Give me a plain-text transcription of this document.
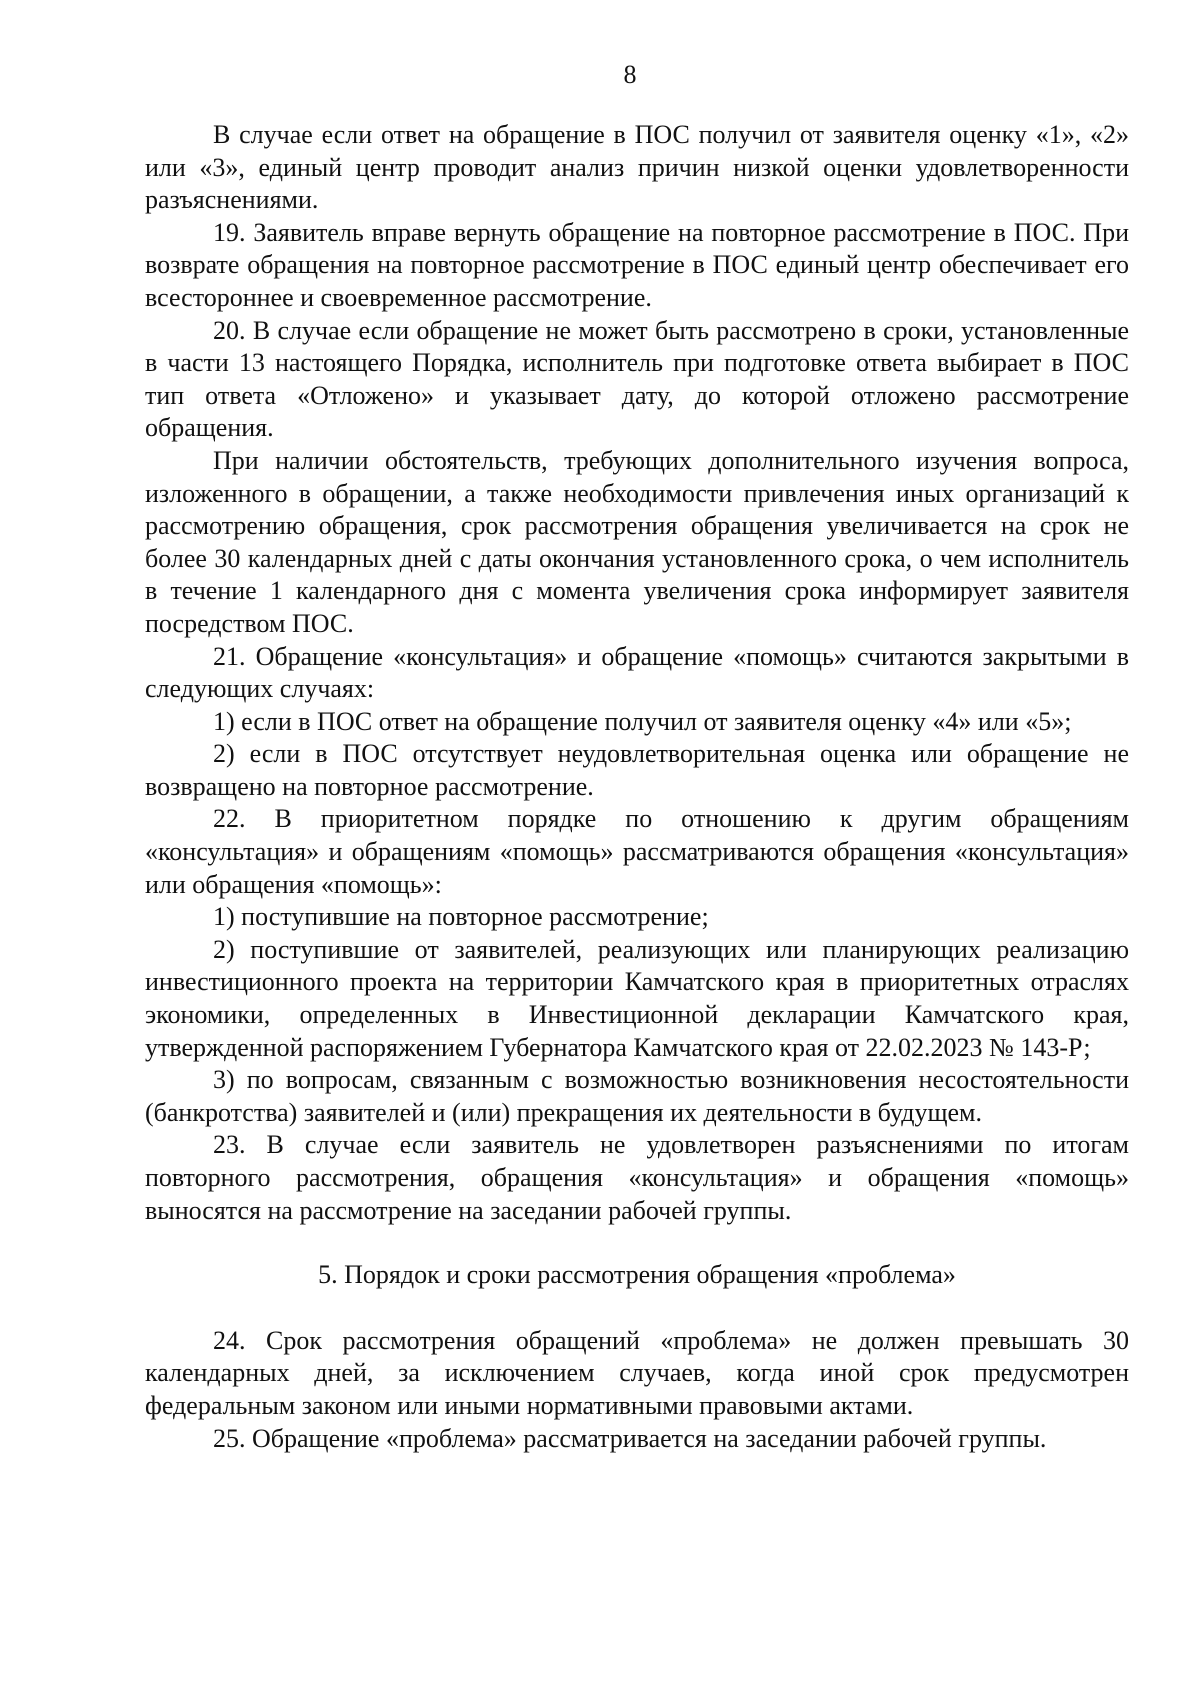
8

В случае если ответ на обращение в ПОС получил от заявителя оценку «1», «2» или «3», единый центр проводит анализ причин низкой оценки удовлетворенности разъяснениями.

19. Заявитель вправе вернуть обращение на повторное рассмотрение в ПОС. При возврате обращения на повторное рассмотрение в ПОС единый центр обеспечивает его всестороннее и своевременное рассмотрение.

20. В случае если обращение не может быть рассмотрено в сроки, установленные в части 13 настоящего Порядка, исполнитель при подготовке ответа выбирает в ПОС тип ответа «Отложено» и указывает дату, до которой отложено рассмотрение обращения.

При наличии обстоятельств, требующих дополнительного изучения вопроса, изложенного в обращении, а также необходимости привлечения иных организаций к рассмотрению обращения, срок рассмотрения обращения увеличивается на срок не более 30 календарных дней с даты окончания установленного срока, о чем исполнитель в течение 1 календарного дня с момента увеличения срока информирует заявителя посредством ПОС.

21. Обращение «консультация» и обращение «помощь» считаются закрытыми в следующих случаях:

1) если в ПОС ответ на обращение получил от заявителя оценку «4» или «5»;

2) если в ПОС отсутствует неудовлетворительная оценка или обращение не возвращено на повторное рассмотрение.

22. В приоритетном порядке по отношению к другим обращениям «консультация» и обращениям «помощь» рассматриваются обращения «консультация» или обращения «помощь»:

1) поступившие на повторное рассмотрение;

2) поступившие от заявителей, реализующих или планирующих реализацию инвестиционного проекта на территории Камчатского края в приоритетных отраслях экономики, определенных в Инвестиционной декларации Камчатского края, утвержденной распоряжением Губернатора Камчатского края от 22.02.2023 № 143-Р;

3) по вопросам, связанным с возможностью возникновения несостоятельности (банкротства) заявителей и (или) прекращения их деятельности в будущем.

23. В случае если заявитель не удовлетворен разъяснениями по итогам повторного рассмотрения, обращения «консультация» и обращения «помощь» выносятся на рассмотрение на заседании рабочей группы.

5. Порядок и сроки рассмотрения обращения «проблема»

24. Срок рассмотрения обращений «проблема» не должен превышать 30 календарных дней, за исключением случаев, когда иной срок предусмотрен федеральным законом или иными нормативными правовыми актами.

25. Обращение «проблема» рассматривается на заседании рабочей группы.
